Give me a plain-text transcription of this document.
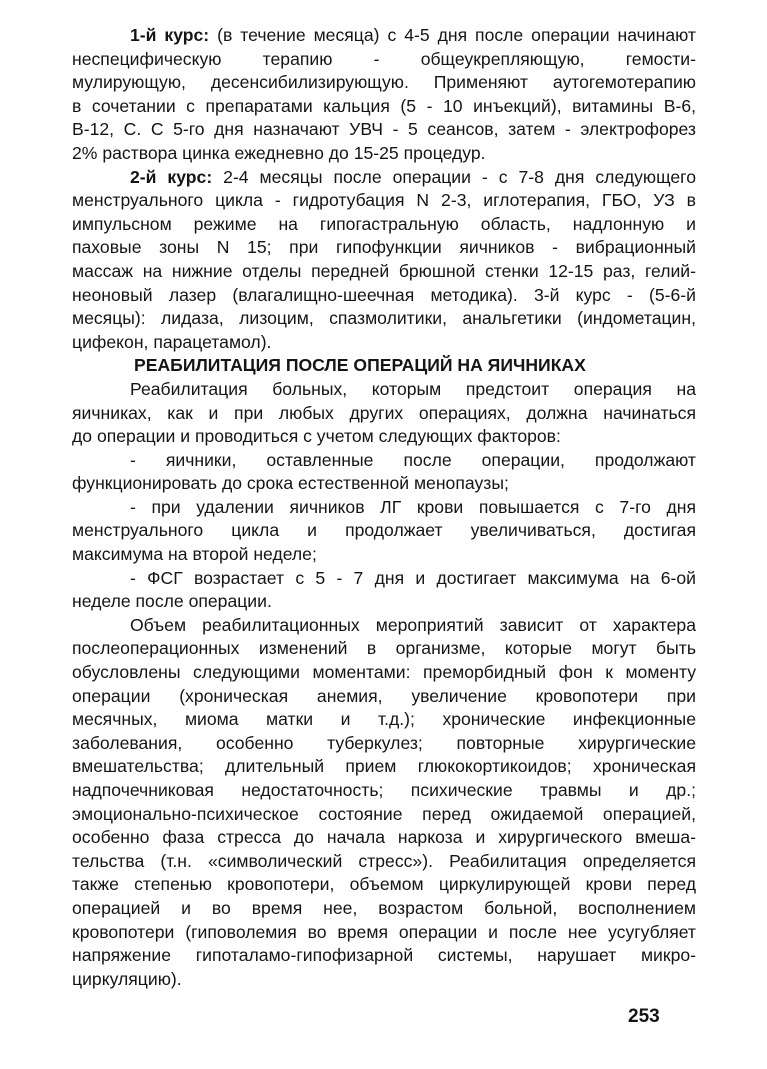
1-й курс: (в течение месяца) с 4-5 дня после операции начинают
неспецифическую терапию - общеукрепляющую, гемости-
мулирующую, десенсибилизирующую. Применяют аутогемотерапию
в сочетании с препаратами кальция (5 - 10 инъекций), витамины В-6,
В-12, С. С 5-го дня назначают УВЧ - 5 сеансов, затем - электрофорез
2% раствора цинка ежедневно до 15-25 процедур.
2-й курс: 2-4 месяцы после операции - с 7-8 дня следующего
менструального цикла - гидротубация N 2-3, иглотерапия, ГБО, УЗ в
импульсном режиме на гипогастральную область, надлонную и
паховые зоны N 15; при гипофункции яичников - вибрационный
массаж на нижние отделы передней брюшной стенки 12-15 раз, гелий-
неоновый лазер (влагалищно-шеечная методика). 3-й курс - (5-6-й
месяцы): лидаза, лизоцим, спазмолитики, анальгетики (индометацин,
цифекон, парацетамол).
РЕАБИЛИТАЦИЯ ПОСЛЕ ОПЕРАЦИЙ НА ЯИЧНИКАХ
Реабилитация больных, которым предстоит операция на
яичниках, как и при любых других операциях, должна начинаться
до операции и проводиться с учетом следующих факторов:
- яичники, оставленные после операции, продолжают
функционировать до срока естественной менопаузы;
- при удалении яичников ЛГ крови повышается с 7-го дня
менструального цикла и продолжает увеличиваться, достигая
максимума на второй неделе;
- ФСГ возрастает с 5 - 7 дня и достигает максимума на 6-ой
неделе после операции.
Объем реабилитационных мероприятий зависит от характера
послеоперационных изменений в организме, которые могут быть
обусловлены следующими моментами: преморбидный фон к моменту
операции (хроническая анемия, увеличение кровопотери при
месячных, миома матки и т.д.); хронические инфекционные
заболевания, особенно туберкулез; повторные хирургические
вмешательства; длительный прием глюкокортикоидов; хроническая
надпочечниковая недостаточность; психические травмы и др.;
эмоционально-психическое состояние перед ожидаемой операцией,
особенно фаза стресса до начала наркоза и хирургического вмеша-
тельства (т.н. «символический стресс»). Реабилитация определяется
также степенью кровопотери, объемом циркулирующей крови перед
операцией и во время нее, возрастом больной, восполнением
кровопотери (гиповолемия во время операции и после нее усугубляет
напряжение гипоталамо-гипофизарной системы, нарушает микро-
циркуляцию).
253
